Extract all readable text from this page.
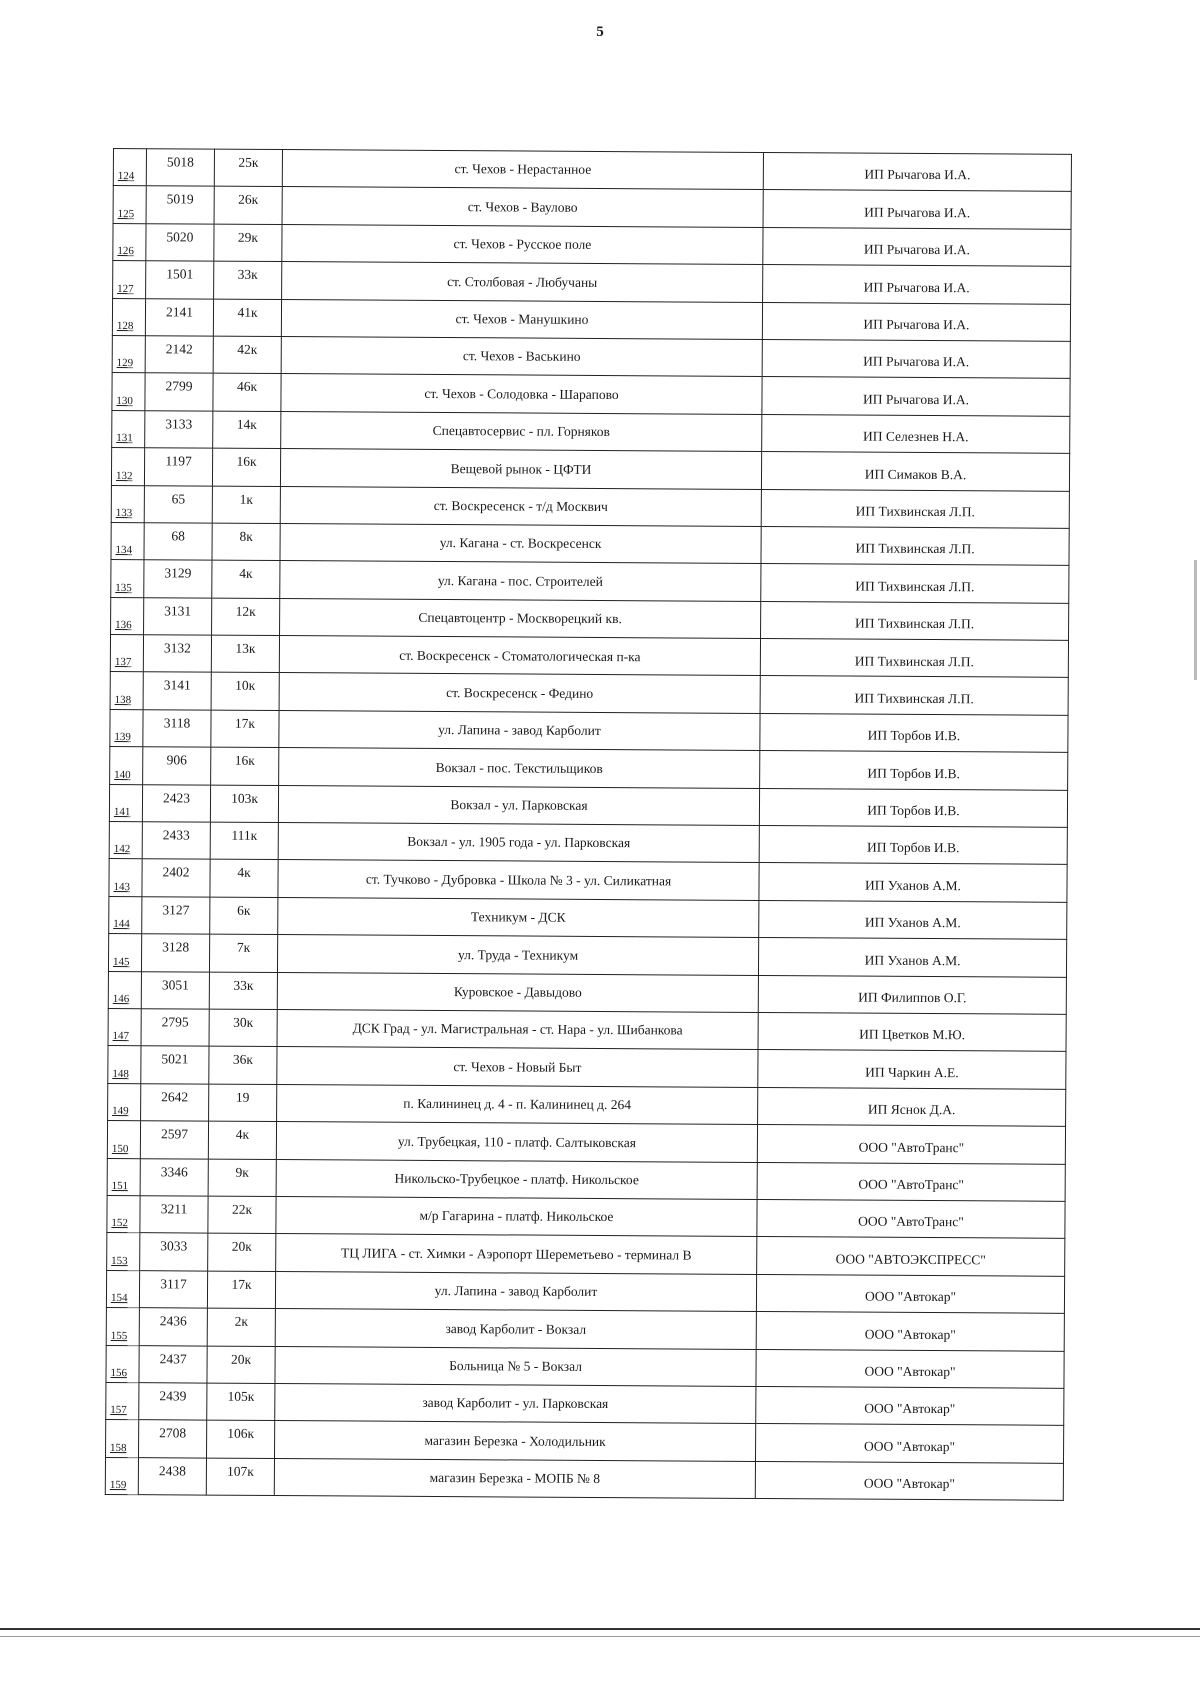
5
124	5018	25к	ст. Чехов - Нерастанное	ИП Рычагова И.А.
125	5019	26к	ст. Чехов - Ваулово	ИП Рычагова И.А.
126	5020	29к	ст. Чехов - Русское поле	ИП Рычагова И.А.
127	1501	33к	ст. Столбовая - Любучаны	ИП Рычагова И.А.
128	2141	41к	ст. Чехов - Манушкино	ИП Рычагова И.А.
129	2142	42к	ст. Чехов - Васькино	ИП Рычагова И.А.
130	2799	46к	ст. Чехов - Солодовка - Шарапово	ИП Рычагова И.А.
131	3133	14к	Спецавтосервис - пл. Горняков	ИП Селезнев Н.А.
132	1197	16к	Вещевой рынок - ЦФТИ	ИП Симаков В.А.
133	65	1к	ст. Воскресенск - т/д Москвич	ИП Тихвинская Л.П.
134	68	8к	ул. Кагана - ст. Воскресенск	ИП Тихвинская Л.П.
135	3129	4к	ул. Кагана - пос. Строителей	ИП Тихвинская Л.П.
136	3131	12к	Спецавтоцентр - Москворецкий кв.	ИП Тихвинская Л.П.
137	3132	13к	ст. Воскресенск - Стоматологическая п-ка	ИП Тихвинская Л.П.
138	3141	10к	ст. Воскресенск - Федино	ИП Тихвинская Л.П.
139	3118	17к	ул. Лапина - завод Карболит	ИП Торбов И.В.
140	906	16к	Вокзал - пос. Текстильщиков	ИП Торбов И.В.
141	2423	103к	Вокзал - ул. Парковская	ИП Торбов И.В.
142	2433	111к	Вокзал - ул. 1905 года - ул. Парковская	ИП Торбов И.В.
143	2402	4к	ст. Тучково - Дубровка - Школа № 3 - ул. Силикатная	ИП Уханов А.М.
144	3127	6к	Техникум - ДСК	ИП Уханов А.М.
145	3128	7к	ул. Труда - Техникум	ИП Уханов А.М.
146	3051	33к	Куровское - Давыдово	ИП Филиппов О.Г.
147	2795	30к	ДСК Град - ул. Магистральная - ст. Нара - ул. Шибанкова	ИП Цветков М.Ю.
148	5021	36к	ст. Чехов - Новый Быт	ИП Чаркин А.Е.
149	2642	19	п. Калининец д. 4 - п. Калининец д. 264	ИП Яснок Д.А.
150	2597	4к	ул. Трубецкая, 110 - платф. Салтыковская	ООО "АвтоТранс"
151	3346	9к	Никольско-Трубецкое - платф. Никольское	ООО "АвтоТранс"
152	3211	22к	м/р Гагарина - платф. Никольское	ООО "АвтоТранс"
153	3033	20к	ТЦ ЛИГА - ст. Химки - Аэропорт Шереметьево - терминал В	ООО "АВТОЭКСПРЕСС"
154	3117	17к	ул. Лапина - завод Карболит	ООО "Автокар"
155	2436	2к	завод Карболит - Вокзал	ООО "Автокар"
156	2437	20к	Больница № 5 - Вокзал	ООО "Автокар"
157	2439	105к	завод Карболит - ул. Парковская	ООО "Автокар"
158	2708	106к	магазин Березка - Холодильник	ООО "Автокар"
159	2438	107к	магазин Березка - МОПБ № 8	ООО "Автокар"
